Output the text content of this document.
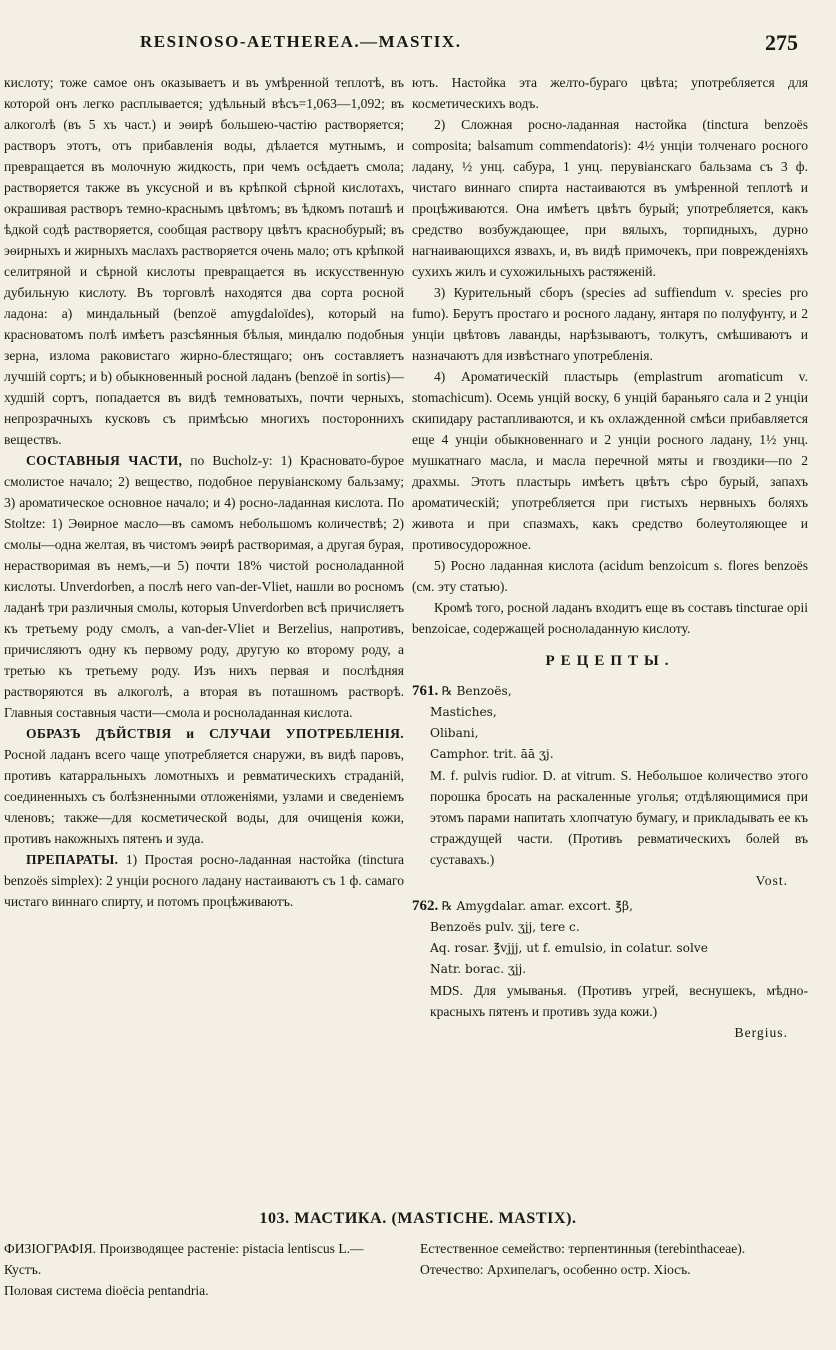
RESINOSO-AETHEREA.—MASTIX.	275

кислоту; тоже самое онъ оказываетъ и въ умѣренной теплотѣ, въ которой онъ легко расплывается; удѣльный вѣсъ=1,063—1,092; въ алкоголѣ (въ 5 хъ част.) и эѳирѣ большею-частію растворяется; растворъ этотъ, отъ прибавленія воды, дѣлается мутнымъ, и превращается въ молочную жидкость, при чемъ осѣдаетъ смола; растворяется также въ уксусной и въ крѣпкой сѣрной кислотахъ, окрашивая растворъ темно-краснымъ цвѣтомъ; въ ѣдкомъ поташѣ и ѣдкой содѣ растворяется, сообщая раствору цвѣтъ краснобурый; въ эѳирныхъ и жирныхъ маслахъ растворяется очень мало; отъ крѣпкой селитряной и сѣрной кислоты превращается въ искусственную дубильную кислоту. Въ торговлѣ находятся два сорта росной ладона: а) миндальный (benzoë amygdaloïdes), который на красноватомъ полѣ имѣетъ разсѣянныя бѣлыя, миндалю подобныя зерна, излома раковистаго жирно-блестящаго; онъ составляетъ лучшій сортъ; и b) обыкновенный росной ладанъ (benzoë in sortis)—худшій сортъ, попадается въ видѣ темноватыхъ, почти черныхъ, непрозрачныхъ кусковъ съ примѣсью многихъ постороннихъ веществъ.

СОСТАВНЫЯ ЧАСТИ, по Bucholz-у: 1) Красновато-бурое смолистое начало; 2) вещество, подобное перувіанскому бальзаму; 3) ароматическое основное начало; и 4) росно-ладанная кислота. По Stoltze: 1) Эѳирное масло—въ самомъ небольшомъ количествѣ; 2) смолы—одна желтая, въ чистомъ эѳирѣ растворимая, а другая бурая, нерастворимая въ немъ,—и 5) почти 18% чистой росноладанной кислоты. Unverdorben, а послѣ него van-der-Vliet, нашли во росномъ ладанѣ три различныя смолы, которыя Unverdorben всѣ причисляетъ къ третьему роду смолъ, а van-der-Vliet и Berzelius, напротивъ, причисляютъ одну къ первому роду, другую ко второму роду, а третью къ третьему роду. Изъ нихъ первая и послѣдняя растворяются въ алкоголѣ, а вторая въ поташномъ растворѣ. Главныя составныя части—смола и росноладанная кислота.

ОБРАЗЪ ДѢЙСТВІЯ и СЛУЧАИ УПОТРЕБЛЕНІЯ. Росной ладанъ всего чаще употребляется снаружи, въ видѣ паровъ, противъ катарральныхъ ломотныхъ и ревматическихъ страданій, соединенныхъ съ болѣзненными отложеніями, узлами и сведеніемъ членовъ; также—для косметической воды, для очищенія кожи, противъ накожныхъ пятенъ и зуда.

ПРЕПАРАТЫ. 1) Простая росно-ладанная настойка (tinctura benzoës simplex): 2 унціи росного ладану настаиваютъ съ 1 ф. самаго чистаго виннаго спирту, и потомъ процѣживаютъ.

ютъ. Настойка эта желто-бураго цвѣта; употребляется для косметическихъ водъ.

2) Сложная росно-ладанная настойка (tinctura benzoës composita; balsamum commendatoris): 4½ унціи толченаго росного ладану, ½ унц. сабура, 1 унц. перувіанскаго бальзама съ 3 ф. чистаго виннаго спирта настаиваются въ умѣренной теплотѣ и процѣживаются. Она имѣетъ цвѣтъ бурый; употребляется, какъ средство возбуждающее, при вялыхъ, торпидныхъ, дурно нагнаивающихся язвахъ, и, въ видѣ примочекъ, при поврежденіяхъ сухихъ жилъ и сухожильныхъ растяженій.

3) Курительный сборъ (species ad suffiendum v. species pro fumo). Берутъ простаго и росного ладану, янтаря по полуфунту, и 2 унціи цвѣтовъ лаванды, нарѣзываютъ, толкутъ, смѣшиваютъ и назначаютъ для извѣстнаго употребленія.

4) Ароматическій пластырь (emplastrum aromaticum v. stomachicum). Осемь унцій воску, 6 унцій бараньяго сала и 2 унціи скипидару растапливаются, и къ охлажденной смѣси прибавляется еще 4 унціи обыкновеннаго и 2 унціи росного ладану, 1½ унц. мушкатнаго масла, и масла перечной мяты и гвоздики—по 2 драхмы. Этотъ пластырь имѣетъ цвѣтъ сѣро бурый, запахъ ароматическій; употребляется при гистыхъ нервныхъ боляхъ живота и при спазмахъ, какъ средство болеутоляющее и противосудорожное.

5) Росно ладанная кислота (acidum benzoicum s. flores benzoës (см. эту статью).

Кромѣ того, росной ладанъ входитъ еще въ составъ tincturae opii benzoicae, содержащей росноладанную кислоту.

РЕЦЕПТЫ.
761. ℞ Benzoës,
Mastiches,
Olibani,
Camphor. trit. āā ʒj.
M. f. pulvis rudior. D. at vitrum. S. Небольшое количество этого порошка бросать на раскаленные уголья; отдѣляющимися при этомъ парами напитать хлопчатую бумагу, и прикладывать ее къ страждущей части. (Противъ ревматическихъ болей въ суставахъ.)
Vost.
762. ℞ Amygdalar. amar. excort. ℥β,
Benzoës pulv. ʒjj, tere c.
Aq. rosar. ℥vjjj, ut f. emulsio, in colatur. solve
Natr. borac. ʒjj.
MDS. Для умыванья. (Противъ угрей, веснушекъ, мѣдно-красныхъ пятенъ и противъ зуда кожи.)
Bergius.
103. МАСТИКА. (MASTICHE. MASTIX).
ФИЗІОГРАФІЯ. Производящее растеніе: pistacia lentiscus L.—Кустъ.
Половая система dioëcia pentandria.
Естественное семейство: терпентинныя (terebinthaceae).
Отечество: Архипелагъ, особенно остр. Хіосъ.
